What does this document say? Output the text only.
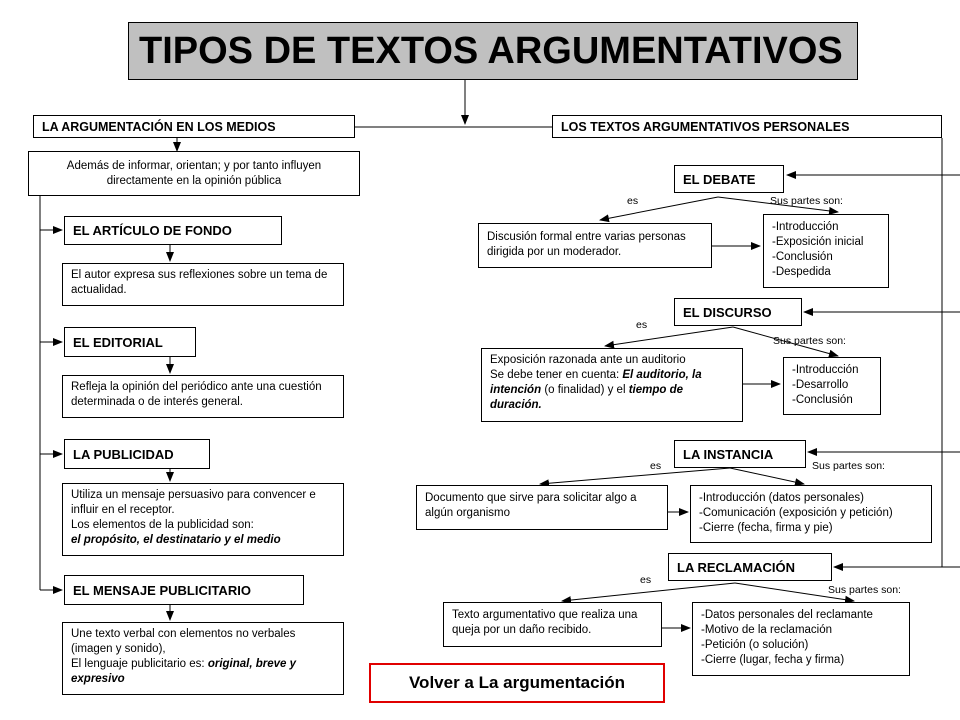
TIPOS DE TEXTOS ARGUMENTATIVOS
LA ARGUMENTACIÓN EN LOS MEDIOS
Además de informar, orientan; y por tanto influyen directamente en la opinión pública
EL ARTÍCULO DE FONDO
El autor expresa sus reflexiones sobre un tema de actualidad.
EL EDITORIAL
Refleja la opinión del periódico ante una cuestión determinada o de interés general.
LA PUBLICIDAD
Utiliza un mensaje persuasivo para convencer e influir en el receptor.
Los elementos de la publicidad son:
el propósito, el destinatario y el medio
EL MENSAJE PUBLICITARIO
Une texto verbal con elementos no verbales (imagen y sonido),
El lenguaje publicitario es: original, breve y expresivo
LOS TEXTOS ARGUMENTATIVOS PERSONALES
EL DEBATE
es	Sus partes son:
Discusión formal entre varias personas dirigida por un moderador.
-Introducción
-Exposición inicial
-Conclusión
-Despedida
EL DISCURSO
es
Sus partes son:
Exposición razonada ante un auditorio
Se debe tener en cuenta: El auditorio, la intención (o finalidad) y el tiempo de duración.
-Introducción
-Desarrollo
-Conclusión
LA INSTANCIA
es	Sus partes son:
Documento que sirve para solicitar algo a algún organismo
-Introducción (datos personales)
-Comunicación (exposición y petición)
-Cierre (fecha, firma y pie)
LA RECLAMACIÓN
es
Sus partes son:
Texto argumentativo que realiza una queja por un daño recibido.
-Datos personales del reclamante
-Motivo de la reclamación
-Petición (o solución)
-Cierre (lugar, fecha y firma)
Volver a La argumentación
